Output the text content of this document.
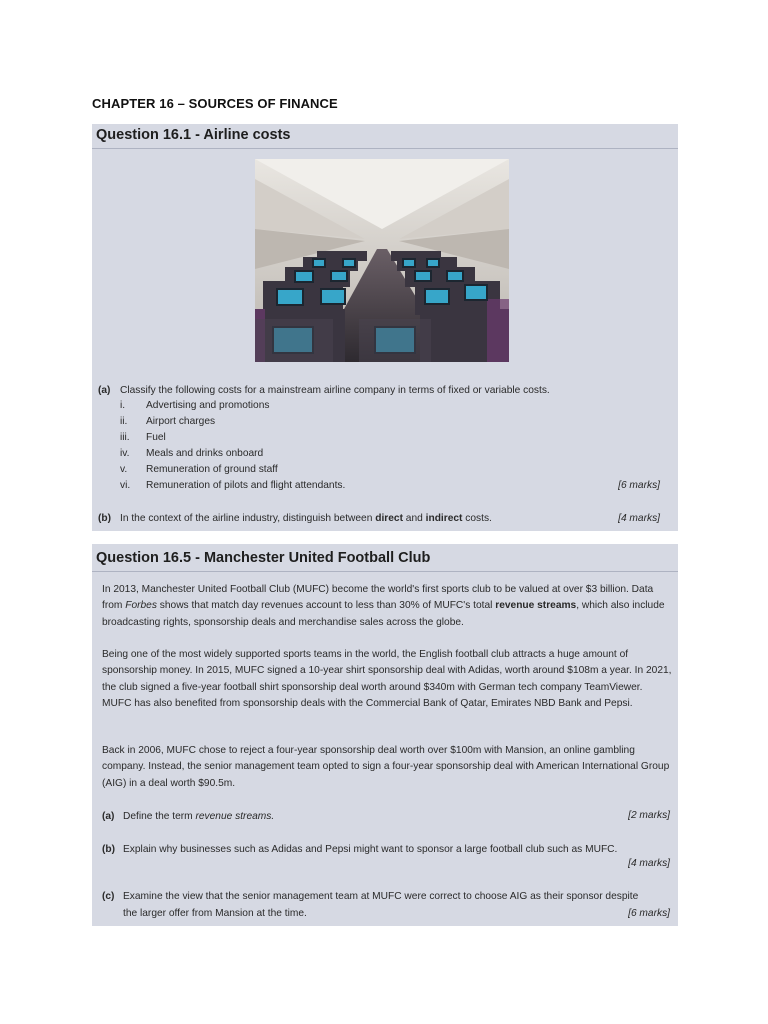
CHAPTER 16 – SOURCES OF FINANCE
Question 16.1 - Airline costs
(a) Classify the following costs for a mainstream airline company in terms of fixed or variable costs.
i. Advertising and promotions
ii. Airport charges
iii. Fuel
iv. Meals and drinks onboard
v. Remuneration of ground staff
vi. Remuneration of pilots and flight attendants.	[6 marks]
(b) In the context of the airline industry, distinguish between direct and indirect costs.	[4 marks]
Question 16.5 - Manchester United Football Club
In 2013, Manchester United Football Club (MUFC) become the world's first sports club to be valued at over $3 billion. Data from Forbes shows that match day revenues account to less than 30% of MUFC's total revenue streams, which also include broadcasting rights, sponsorship deals and merchandise sales across the globe.
Being one of the most widely supported sports teams in the world, the English football club attracts a huge amount of sponsorship money. In 2015, MUFC signed a 10-year shirt sponsorship deal with Adidas, worth around $108m a year. In 2021, the club signed a five-year football shirt sponsorship deal worth around $340m with German tech company TeamViewer. MUFC has also benefited from sponsorship deals with the Commercial Bank of Qatar, Emirates NBD Bank and Pepsi.
Back in 2006, MUFC chose to reject a four-year sponsorship deal worth over $100m with Mansion, an online gambling company. Instead, the senior management team opted to sign a four-year sponsorship deal with American International Group (AIG) in a deal worth $90.5m.
(a) Define the term revenue streams.	[2 marks]
(b) Explain why businesses such as Adidas and Pepsi might want to sponsor a large football club such as MUFC.
[4 marks]
(c) Examine the view that the senior management team at MUFC were correct to choose AIG as their sponsor despite
the larger offer from Mansion at the time.	[6 marks]
